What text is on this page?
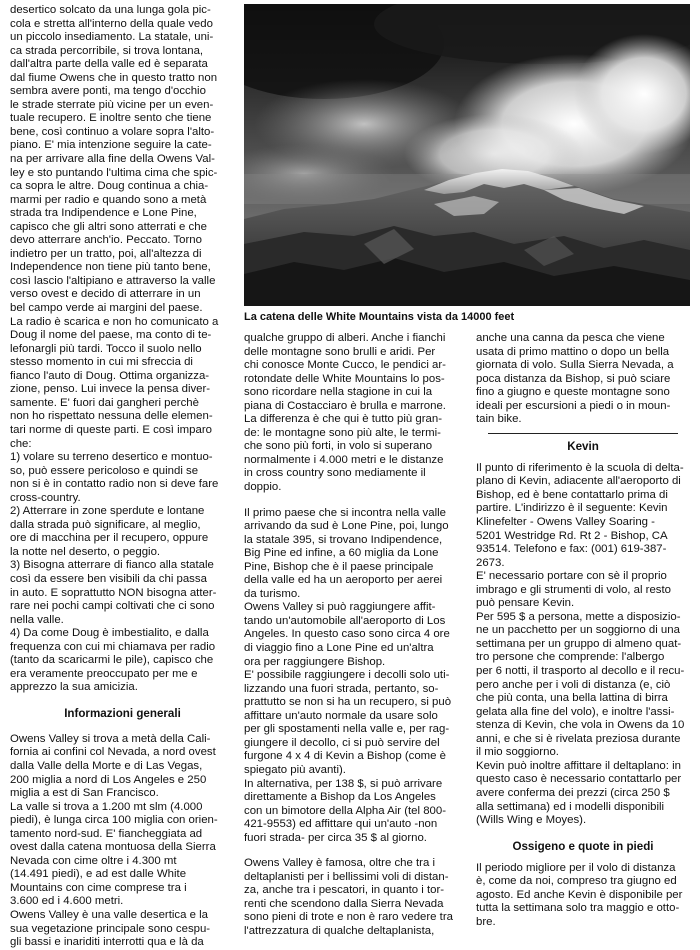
desertico solcato da una lunga gola pic-
cola e stretta all'interno della quale vedo
un piccolo insediamento. La statale, uni-
ca strada percorribile, si trova lontana,
dall'altra parte della valle ed è separata
dal fiume Owens che in questo tratto non
sembra avere ponti, ma tengo d'occhio
le strade sterrate più vicine per un even-
tuale recupero. E inoltre sento che tiene
bene, così continuo a volare sopra l'alto-
piano. E' mia intenzione seguire la cate-
na per arrivare alla fine della Owens Val-
ley e sto puntando l'ultima cima che spic-
ca sopra le altre. Doug continua a chia-
marmi per radio e quando sono a metà
strada tra Indipendence e Lone Pine,
capisco che gli altri sono atterrati e che
devo atterrare anch'io. Peccato. Torno
indietro per un tratto, poi, all'altezza di
Independence non tiene più tanto bene,
così lascio l'altipiano e attraverso la valle
verso ovest e decido di atterrare in un
bel campo verde ai margini del paese.

La radio è scarica e non ho comunicato a
Doug il nome del paese, ma conto di te-
lefonargli più tardi. Tocco il suolo nello
stesso momento in cui mi sfreccia di
fianco l'auto di Doug. Ottima organizza-
zione, penso. Lui invece la pensa diver-
samente. E' fuori dai gangheri perchè
non ho rispettato nessuna delle elemen-
tari norme di queste parti. E così imparo
che:

1) volare su terreno desertico e montuo-
so, può essere pericoloso e quindi se
non si è in contatto radio non si deve fare
cross-country.

2) Atterrare in zone sperdute e lontane
dalla strada può significare, al meglio,
ore di macchina per il recupero, oppure
la notte nel deserto, o peggio.

3) Bisogna atterrare di fianco alla statale
così da essere ben visibili da chi passa
in auto. E soprattutto NON bisogna atter-
rare nei pochi campi coltivati che ci sono
nella valle.

4) Da come Doug è imbestialito, e dalla
frequenza con cui mi chiamava per radio
(tanto da scaricarmi le pile), capisco che
era veramente preoccupato per me e
apprezzo la sua amicizia.

Informazioni generali

Owens Valley si trova a metà della Cali-
fornia ai confini col Nevada, a nord ovest
dalla Valle della Morte e di Las Vegas,
200 miglia a nord di Los Angeles e 250
miglia a est di San Francisco.

La valle si trova a 1.200 mt slm (4.000
piedi), è lunga circa 100 miglia con orien-
tamento nord-sud. E' fiancheggiata ad
ovest dalla catena montuosa della Sierra
Nevada con cime oltre i 4.300 mt
(14.491 piedi), e ad est dalle White
Mountains con cime comprese tra i
3.600 ed i 4.600 metri.

Owens Valley è una valle desertica e la
sua vegetazione principale sono cespu-
gli bassi e inariditi interrotti qua e là da

La catena delle White Mountains vista da 14000 feet

qualche gruppo di alberi. Anche i fianchi
delle montagne sono brulli e aridi. Per
chi conosce Monte Cucco, le pendici ar-
rotondate delle White Mountains lo pos-
sono ricordare nella stagione in cui la
piana di Costacciaro è brulla e marrone.
La differenza è che qui è tutto più gran-
de: le montagne sono più alte, le termi-
che sono più forti, in volo si superano
normalmente i 4.000 metri e le distanze
in cross country sono mediamente il
doppio.

Il primo paese che si incontra nella valle
arrivando da sud è Lone Pine, poi, lungo
la statale 395, si trovano Indipendence,
Big Pine ed infine, a 60 miglia da Lone
Pine, Bishop che è il paese principale
della valle ed ha un aeroporto per aerei
da turismo.

Owens Valley si può raggiungere affit-
tando un'automobile all'aeroporto di Los
Angeles. In questo caso sono circa 4 ore
di viaggio fino a Lone Pine ed un'altra
ora per raggiungere Bishop.

E' possibile raggiungere i decolli solo uti-
lizzando una fuori strada, pertanto, so-
prattutto se non si ha un recupero, si può
affittare un'auto normale da usare solo
per gli spostamenti nella valle e, per rag-
giungere il decollo, ci si può servire del
furgone 4 x 4 di Kevin a Bishop (come è
spiegato più avanti).

In alternativa, per 138 $, si può arrivare
direttamente a Bishop da Los Angeles
con un bimotore della Alpha Air (tel 800-
421-9553) ed affittare qui un'auto -non
fuori strada- per circa 35 $ al giorno.

Owens Valley è famosa, oltre che tra i
deltaplanisti per i bellissimi voli di distan-
za, anche tra i pescatori, in quanto i tor-
renti che scendono dalla Sierra Nevada
sono pieni di trote e non è raro vedere tra
l'attrezzatura di qualche deltaplanista,

anche una canna da pesca che viene
usata di primo mattino o dopo un bella
giornata di volo. Sulla Sierra Nevada, a
poca distanza da Bishop, si può sciare
fino a giugno e queste montagne sono
ideali per escursioni a piedi o in moun-
tain bike.

Kevin

Il punto di riferimento è la scuola di delta-
plano di Kevin, adiacente all'aeroporto di
Bishop, ed è bene contattarlo prima di
partire. L'indirizzo è il seguente: Kevin
Klinefelter - Owens Valley Soaring -
5201 Westridge Rd. Rt 2 - Bishop, CA
93514. Telefono e fax: (001) 619-387-
2673.

E' necessario portare con sè il proprio
imbrago e gli strumenti di volo, al resto
può pensare Kevin.

Per 595 $ a persona, mette a disposizio-
ne un pacchetto per un soggiorno di una
settimana per un gruppo di almeno quat-
tro persone che comprende: l'albergo
per 6 notti, il trasporto al decollo e il recu-
pero anche per i voli di distanza (e, ciò
che più conta, una bella lattina di birra
gelata alla fine del volo), e inoltre l'assi-
stenza di Kevin, che vola in Owens da 10
anni, e che si è rivelata preziosa durante
il mio soggiorno.

Kevin può inoltre affittare il deltaplano: in
questo caso è necessario contattarlo per
avere conferma dei prezzi (circa 250 $
alla settimana) ed i modelli disponibili
(Wills Wing e Moyes).

Ossigeno e quote in piedi

Il periodo migliore per il volo di distanza
è, come da noi, compreso tra giugno ed
agosto. Ed anche Kevin è disponibile per
tutta la settimana solo tra maggio e otto-
bre.
